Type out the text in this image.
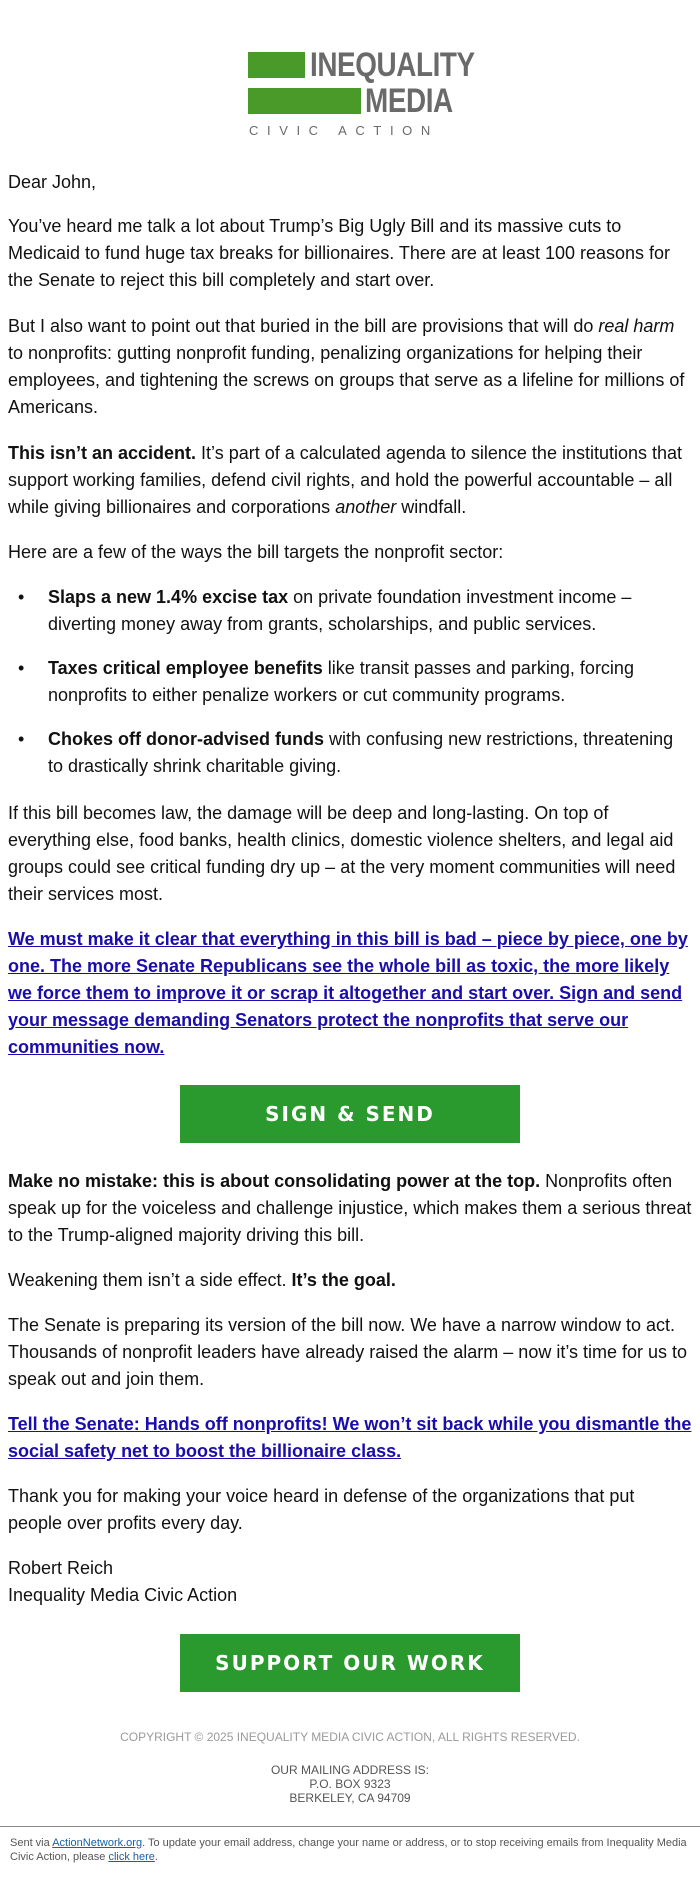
INEQUALITY
MEDIA
CIVIC ACTION

Dear John,

You’ve heard me talk a lot about Trump’s Big Ugly Bill and its massive cuts to Medicaid to fund huge tax breaks for billionaires. There are at least 100 reasons for the Senate to reject this bill completely and start over.

But I also want to point out that buried in the bill are provisions that will do real harm to nonprofits: gutting nonprofit funding, penalizing organizations for helping their employees, and tightening the screws on groups that serve as a lifeline for millions of Americans.

This isn’t an accident. It’s part of a calculated agenda to silence the institutions that support working families, defend civil rights, and hold the powerful accountable – all while giving billionaires and corporations another windfall.

Here are a few of the ways the bill targets the nonprofit sector:

• Slaps a new 1.4% excise tax on private foundation investment income – diverting money away from grants, scholarships, and public services.
• Taxes critical employee benefits like transit passes and parking, forcing nonprofits to either penalize workers or cut community programs.
• Chokes off donor-advised funds with confusing new restrictions, threatening to drastically shrink charitable giving.

If this bill becomes law, the damage will be deep and long-lasting. On top of everything else, food banks, health clinics, domestic violence shelters, and legal aid groups could see critical funding dry up – at the very moment communities will need their services most.

We must make it clear that everything in this bill is bad – piece by piece, one by one. The more Senate Republicans see the whole bill as toxic, the more likely we force them to improve it or scrap it altogether and start over. Sign and send your message demanding Senators protect the nonprofits that serve our communities now.

SIGN & SEND

Make no mistake: this is about consolidating power at the top. Nonprofits often speak up for the voiceless and challenge injustice, which makes them a serious threat to the Trump-aligned majority driving this bill.

Weakening them isn’t a side effect. It’s the goal.

The Senate is preparing its version of the bill now. We have a narrow window to act. Thousands of nonprofit leaders have already raised the alarm – now it’s time for us to speak out and join them.

Tell the Senate: Hands off nonprofits! We won’t sit back while you dismantle the social safety net to boost the billionaire class.

Thank you for making your voice heard in defense of the organizations that put people over profits every day.

Robert Reich

Inequality Media Civic Action

SUPPORT OUR WORK
COPYRIGHT © 2025 INEQUALITY MEDIA CIVIC ACTION, ALL RIGHTS RESERVED.
OUR MAILING ADDRESS IS:
P.O. BOX 9323
BERKELEY, CA 94709
Sent via ActionNetwork.org. To update your email address, change your name or address, or to stop receiving emails from Inequality Media Civic Action, please click here.
